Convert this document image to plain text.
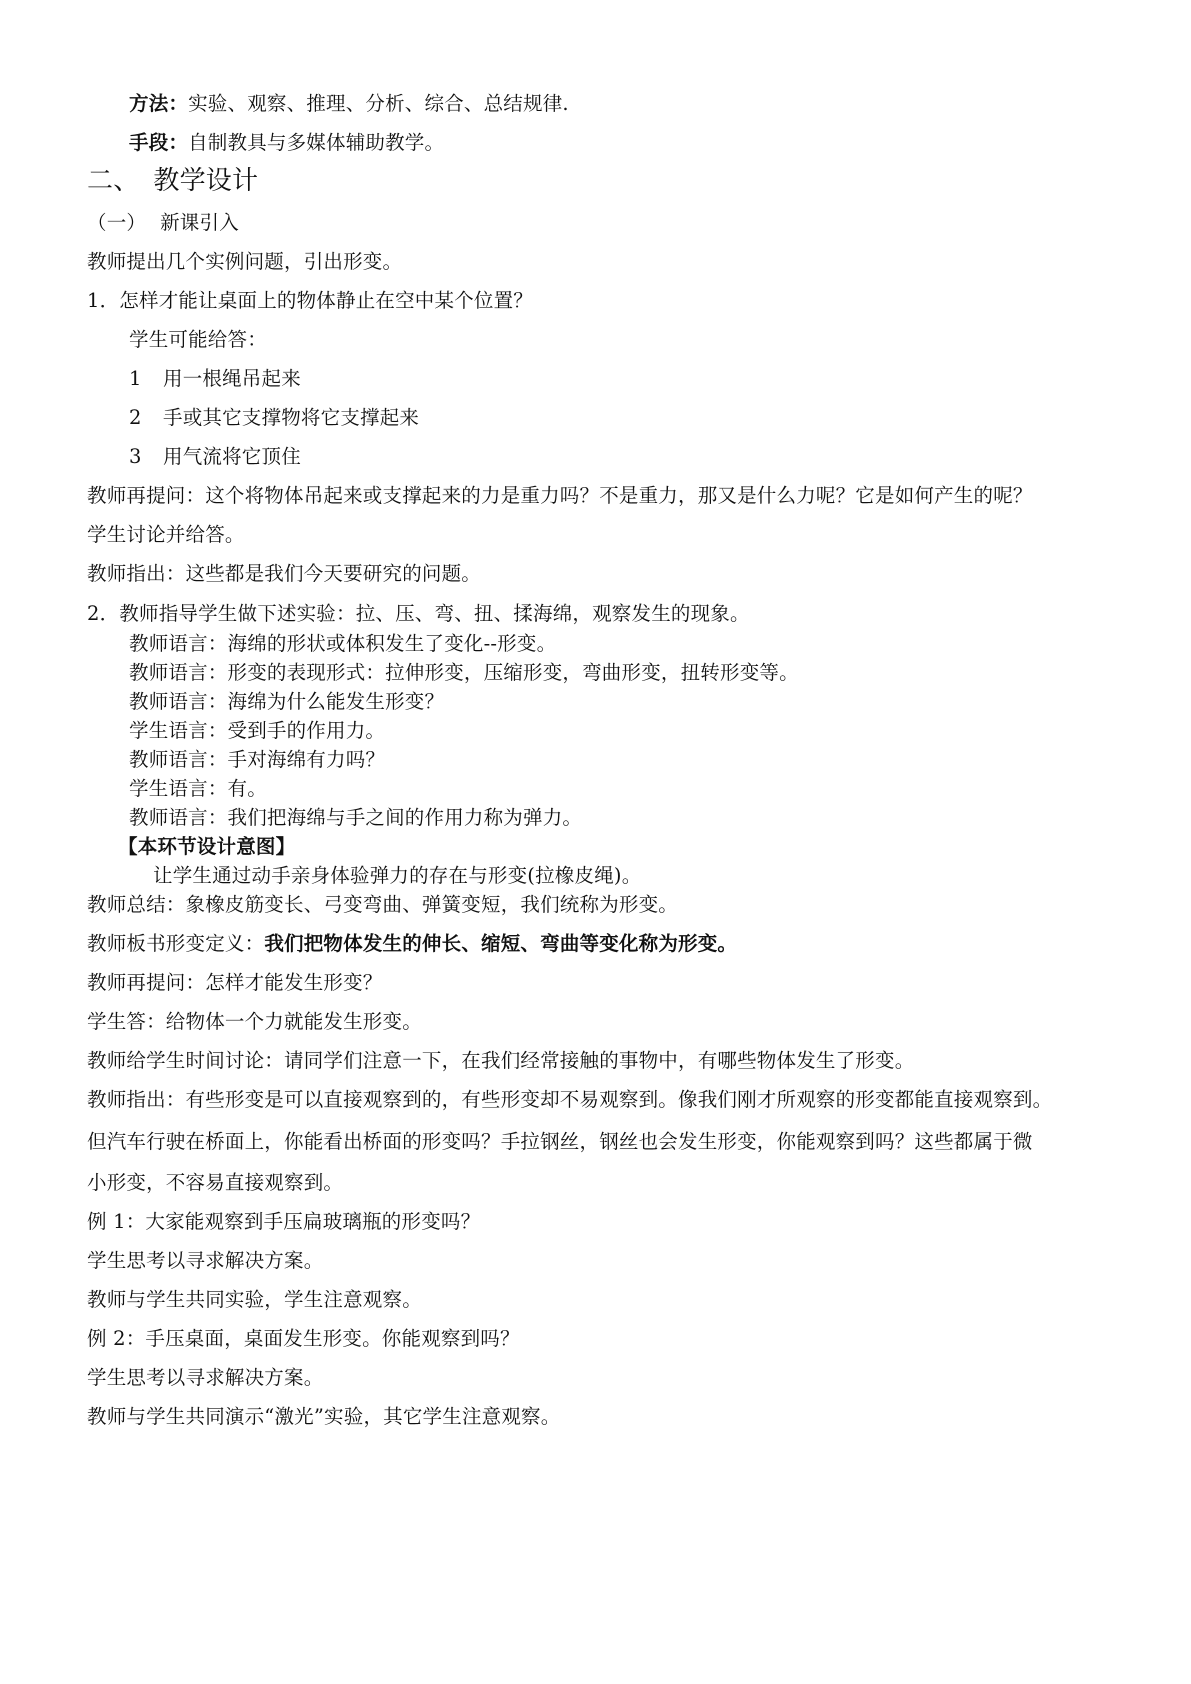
方法：实验、观察、推理、分析、综合、总结规律.
手段：自制教具与多媒体辅助教学。
二、 教学设计
（一） 新课引入
教师提出几个实例问题，引出形变。
1．怎样才能让桌面上的物体静止在空中某个位置？
学生可能给答：
1 用一根绳吊起来
2 手或其它支撑物将它支撑起来
3 用气流将它顶住
教师再提问：这个将物体吊起来或支撑起来的力是重力吗？不是重力，那又是什么力呢？它是如何产生的呢？
学生讨论并给答。
教师指出：这些都是我们今天要研究的问题。
2．教师指导学生做下述实验：拉、压、弯、扭、揉海绵，观察发生的现象。
教师语言：海绵的形状或体积发生了变化--形变。
教师语言：形变的表现形式：拉伸形变，压缩形变，弯曲形变，扭转形变等。
教师语言：海绵为什么能发生形变？
学生语言：受到手的作用力。
教师语言：手对海绵有力吗？
学生语言：有。
教师语言：我们把海绵与手之间的作用力称为弹力。
【本环节设计意图】
让学生通过动手亲身体验弹力的存在与形变(拉橡皮绳)。
教师总结：象橡皮筋变长、弓变弯曲、弹簧变短，我们统称为形变。
教师板书形变定义：我们把物体发生的伸长、缩短、弯曲等变化称为形变。
教师再提问：怎样才能发生形变？
学生答：给物体一个力就能发生形变。
教师给学生时间讨论：请同学们注意一下，在我们经常接触的事物中，有哪些物体发生了形变。
教师指出：有些形变是可以直接观察到的，有些形变却不易观察到。像我们刚才所观察的形变都能直接观察到。
但汽车行驶在桥面上，你能看出桥面的形变吗？手拉钢丝，钢丝也会发生形变，你能观察到吗？这些都属于微
小形变，不容易直接观察到。
例 1：大家能观察到手压扁玻璃瓶的形变吗？
学生思考以寻求解决方案。
教师与学生共同实验，学生注意观察。
例 2：手压桌面，桌面发生形变。你能观察到吗？
学生思考以寻求解决方案。
教师与学生共同演示“激光”实验，其它学生注意观察。
